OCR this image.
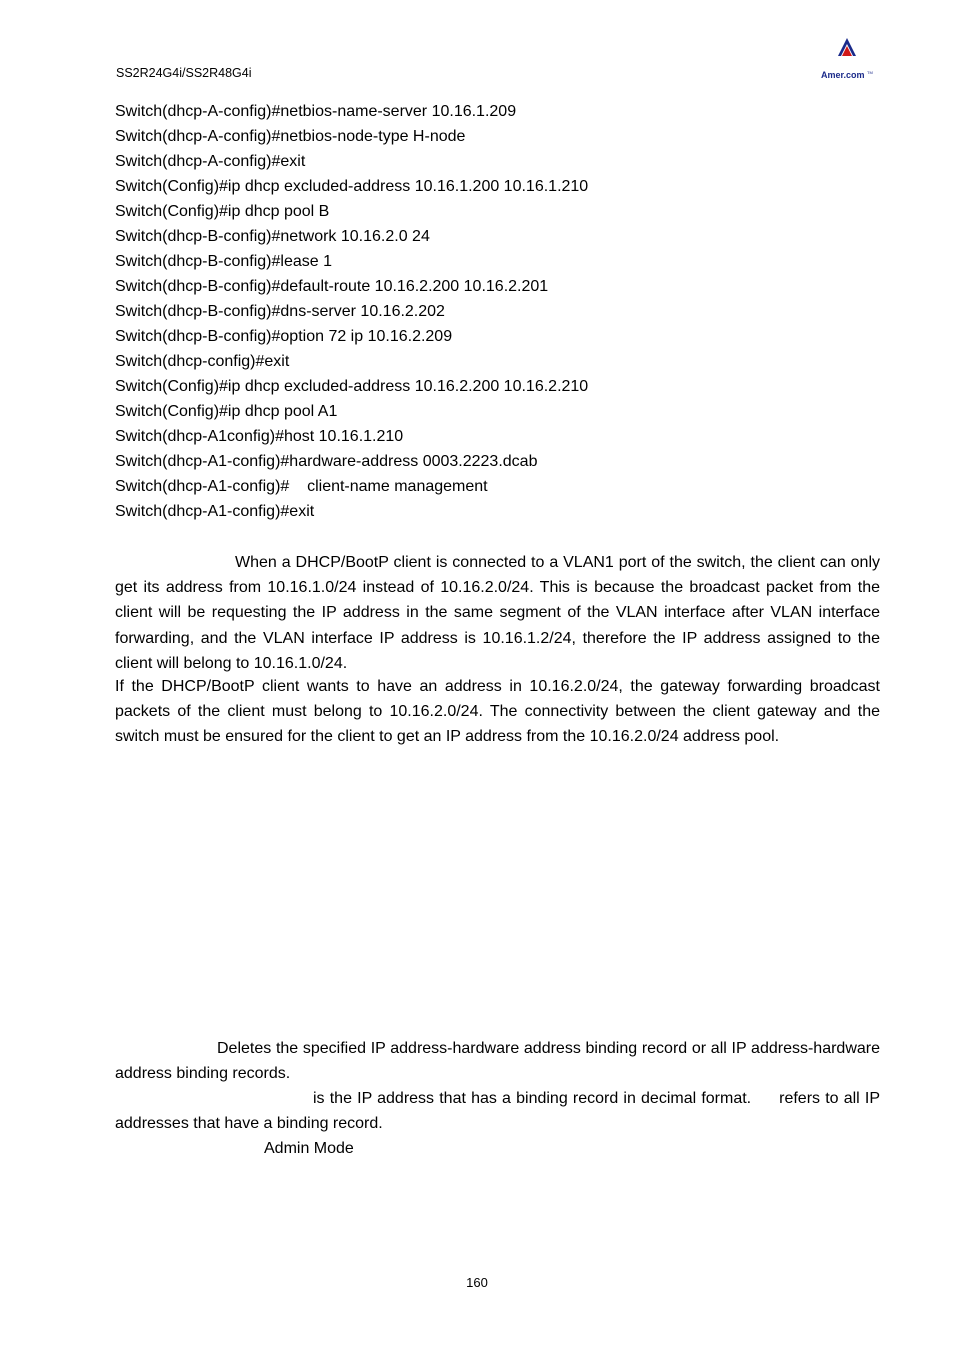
SS2R24G4i/SS2R48G4i	Amer.com TM
Switch(dhcp-A-config)#netbios-name-server 10.16.1.209
Switch(dhcp-A-config)#netbios-node-type H-node
Switch(dhcp-A-config)#exit
Switch(Config)#ip dhcp excluded-address 10.16.1.200 10.16.1.210
Switch(Config)#ip dhcp pool B
Switch(dhcp-B-config)#network 10.16.2.0 24
Switch(dhcp-B-config)#lease 1
Switch(dhcp-B-config)#default-route 10.16.2.200 10.16.2.201
Switch(dhcp-B-config)#dns-server 10.16.2.202
Switch(dhcp-B-config)#option 72 ip 10.16.2.209
Switch(dhcp-config)#exit
Switch(Config)#ip dhcp excluded-address 10.16.2.200 10.16.2.210
Switch(Config)#ip dhcp pool A1
Switch(dhcp-A1config)#host 10.16.1.210
Switch(dhcp-A1-config)#hardware-address 0003.2223.dcab
Switch(dhcp-A1-config)#    client-name management
Switch(dhcp-A1-config)#exit
When a DHCP/BootP client is connected to a VLAN1 port of the switch, the client can only get its address from 10.16.1.0/24 instead of 10.16.2.0/24. This is because the broadcast packet from the client will be requesting the IP address in the same segment of the VLAN interface after VLAN interface forwarding, and the VLAN interface IP address is 10.16.1.2/24, therefore the IP address assigned to the client will belong to 10.16.1.0/24.
If the DHCP/BootP client wants to have an address in 10.16.2.0/24, the gateway forwarding broadcast packets of the client must belong to 10.16.2.0/24. The connectivity between the client gateway and the switch must be ensured for the client to get an IP address from the 10.16.2.0/24 address pool.
Deletes the specified IP address-hardware address binding record or all IP address-hardware address binding records.
is the IP address that has a binding record in decimal format. refers to all IP addresses that have a binding record.
Admin Mode
160
